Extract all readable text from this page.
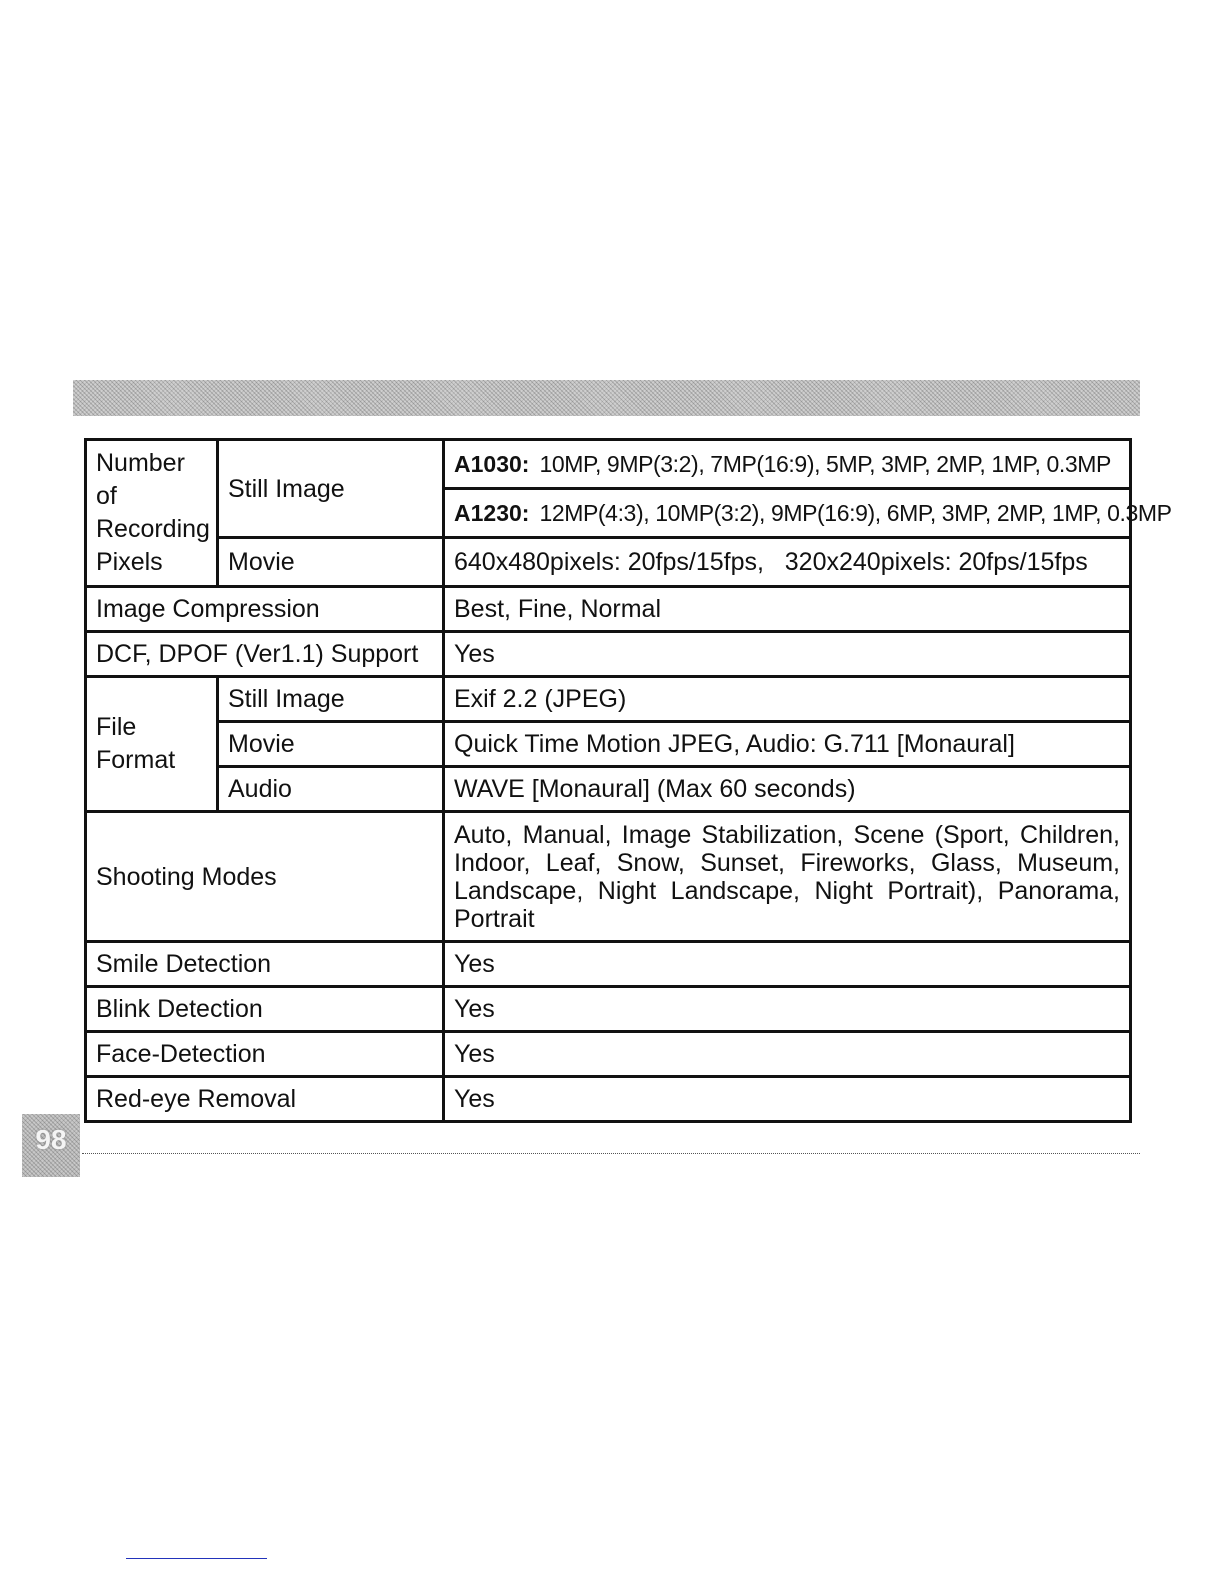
Number of Recording Pixels	Still Image	A1030: 10MP, 9MP(3:2), 7MP(16:9), 5MP, 3MP, 2MP, 1MP, 0.3MP
		A1230: 12MP(4:3), 10MP(3:2), 9MP(16:9), 6MP, 3MP, 2MP, 1MP, 0.3MP
	Movie	640x480pixels: 20fps/15fps,   320x240pixels: 20fps/15fps
Image Compression		Best, Fine, Normal
DCF, DPOF (Ver1.1) Support		Yes
File Format	Still Image	Exif 2.2 (JPEG)
	Movie	Quick Time Motion JPEG, Audio: G.711 [Monaural]
	Audio	WAVE [Monaural] (Max 60 seconds)
Shooting Modes		Auto, Manual, Image Stabilization, Scene (Sport, Children, Indoor, Leaf, Snow, Sunset, Fireworks, Glass, Museum, Landscape, Night Landscape, Night Portrait), Panorama, Portrait
Smile Detection		Yes
Blink Detection		Yes
Face-Detection		Yes
Red-eye Removal		Yes
98
